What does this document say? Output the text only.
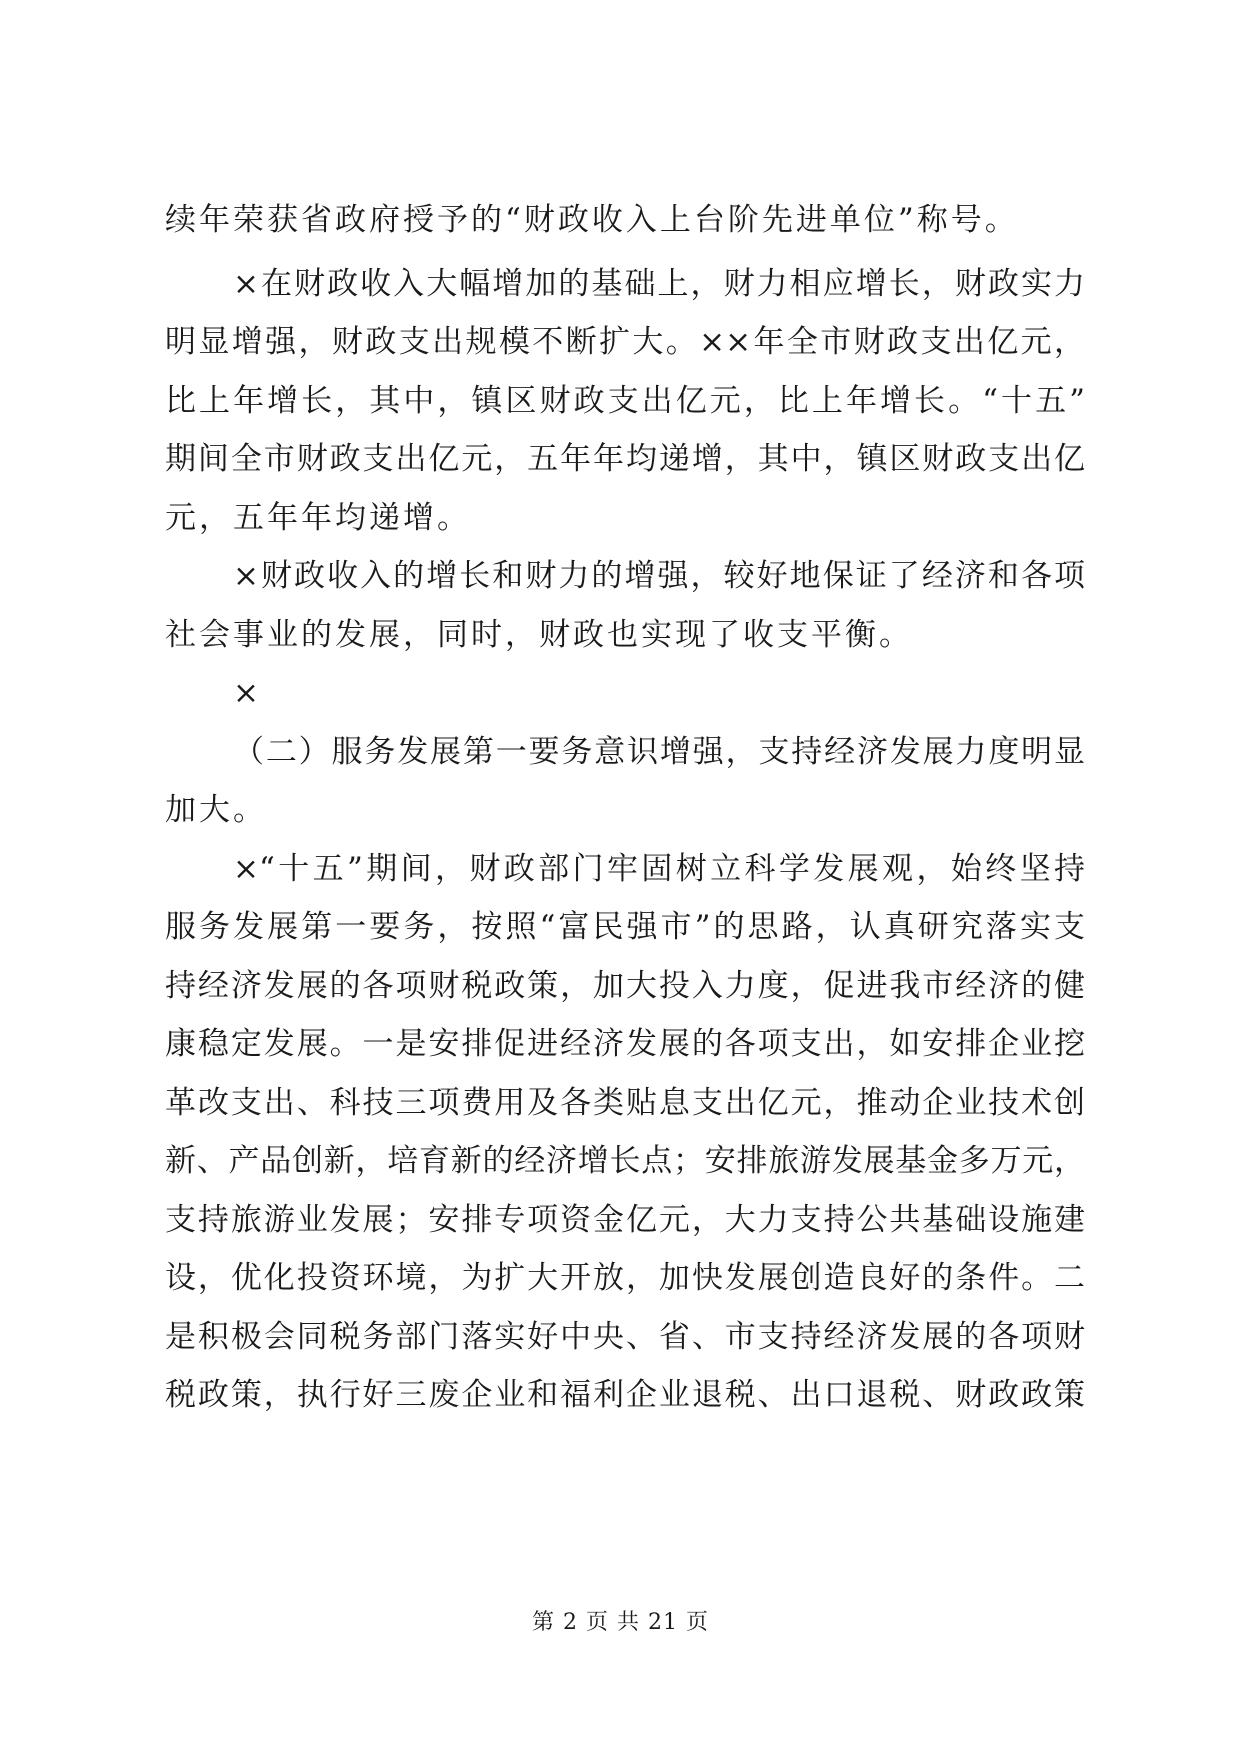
续年荣获省政府授予的“财政收入上台阶先进单位”称号。
×在财政收入大幅增加的基础上，财力相应增长，财政实力
明显增强，财政支出规模不断扩大。××年全市财政支出亿元，
比上年增长，其中，镇区财政支出亿元，比上年增长。“十五”
期间全市财政支出亿元，五年年均递增，其中，镇区财政支出亿
元，五年年均递增。
×财政收入的增长和财力的增强，较好地保证了经济和各项
社会事业的发展，同时，财政也实现了收支平衡。
×
（二）服务发展第一要务意识增强，支持经济发展力度明显
加大。
×“十五”期间，财政部门牢固树立科学发展观，始终坚持
服务发展第一要务，按照“富民强市”的思路，认真研究落实支
持经济发展的各项财税政策，加大投入力度，促进我市经济的健
康稳定发展。一是安排促进经济发展的各项支出，如安排企业挖
革改支出、科技三项费用及各类贴息支出亿元，推动企业技术创
新、产品创新，培育新的经济增长点；安排旅游发展基金多万元，
支持旅游业发展；安排专项资金亿元，大力支持公共基础设施建
设，优化投资环境，为扩大开放，加快发展创造良好的条件。二
是积极会同税务部门落实好中央、省、市支持经济发展的各项财
税政策，执行好三废企业和福利企业退税、出口退税、财政政策
第 2 页 共 21 页
